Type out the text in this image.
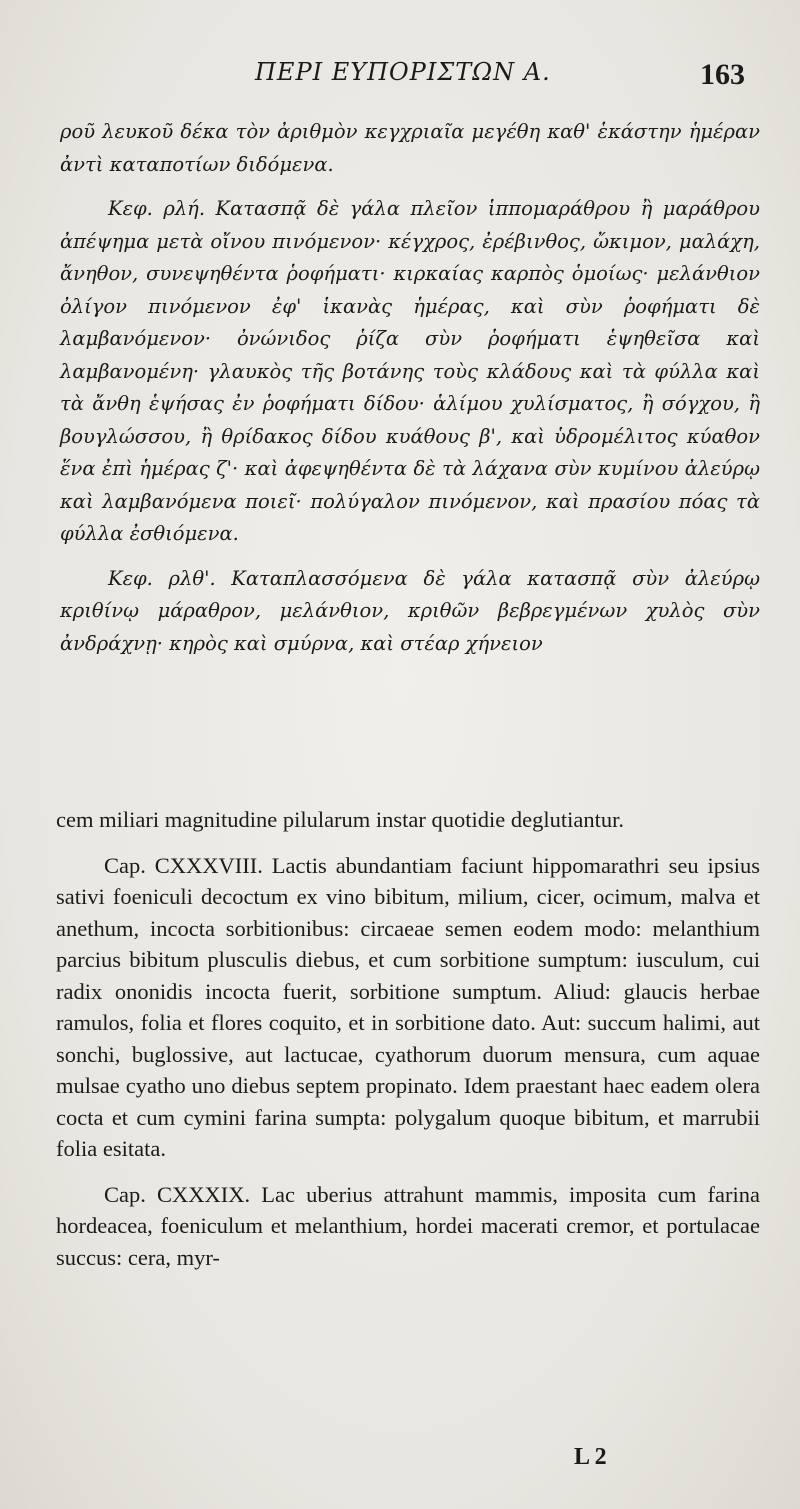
ΠΕΡΙ ΕΥΠΟΡΙΣΤΩΝ Α.	163

ροῦ λευκοῦ δέκα τὸν ἀριθμὸν κεγχριαῖα μεγέθη καθ' ἑκάστην ἡμέραν ἀντὶ καταποτίων διδόμενα.

Κεφ. ρλή. Κατασπᾷ δὲ γάλα πλεῖον ἱππομαράθρου ἢ μαράθρου ἀπέψημα μετὰ οἴνου πινόμενον· κέγχρος, ἐρέβινθος, ὤκιμον, μαλάχη, ἄνηθον, συνεψηθέντα ῥοφήματι· κιρκαίας καρπὸς ὁμοίως· μελάνθιον ὀλίγον πινόμενον ἐφ' ἱκανὰς ἡμέρας, καὶ σὺν ῥοφήματι δὲ λαμβανόμενον· ὀνώνιδος ῥίζα σὺν ῥοφήματι ἑψηθεῖσα καὶ λαμβανομένη· γλαυκὸς τῆς βοτάνης τοὺς κλάδους καὶ τὰ φύλλα καὶ τὰ ἄνθη ἑψήσας ἐν ῥοφήματι δίδου· ἁλίμου χυλίσματος, ἢ σόγχου, ἢ βουγλώσσου, ἢ θρίδακος δίδου κυάθους β', καὶ ὑδρομέλιτος κύαθον ἕνα ἐπὶ ἡμέρας ζ'· καὶ ἀφεψηθέντα δὲ τὰ λάχανα σὺν κυμίνου ἀλεύρῳ καὶ λαμβανόμενα ποιεῖ· πολύγαλον πινόμενον, καὶ πρασίου πόας τὰ φύλλα ἐσθιόμενα.

Κεφ. ρλθ'. Καταπλασσόμενα δὲ γάλα κατασπᾷ σὺν ἀλεύρῳ κριθίνῳ μάραθρον, μελάνθιον, κριθῶν βεβρεγμένων χυλὸς σὺν ἀνδράχνῃ· κηρὸς καὶ σμύρνα, καὶ στέαρ χήνειον

cem miliari magnitudine pilularum instar quotidie deglutiantur.

Cap. CXXXVIII. Lactis abundantiam faciunt hippomarathri seu ipsius sativi foeniculi decoctum ex vino bibitum, milium, cicer, ocimum, malva et anethum, incocta sorbitionibus: circaeae semen eodem modo: melanthium parcius bibitum plusculis diebus, et cum sorbitione sumptum: iusculum, cui radix ononidis incocta fuerit, sorbitione sumptum. Aliud: glaucis herbae ramulos, folia et flores coquito, et in sorbitione dato. Aut: succum halimi, aut sonchi, buglossive, aut lactucae, cyathorum duorum mensura, cum aquae mulsae cyatho uno diebus septem propinato. Idem praestant haec eadem olera cocta et cum cymini farina sumpta: polygalum quoque bibitum, et marrubii folia esitata.

Cap. CXXXIX. Lac uberius attrahunt mammis, imposita cum farina hordeacea, foeniculum et melanthium, hordei macerati cremor, et portulacae succus: cera, myr-

L 2
